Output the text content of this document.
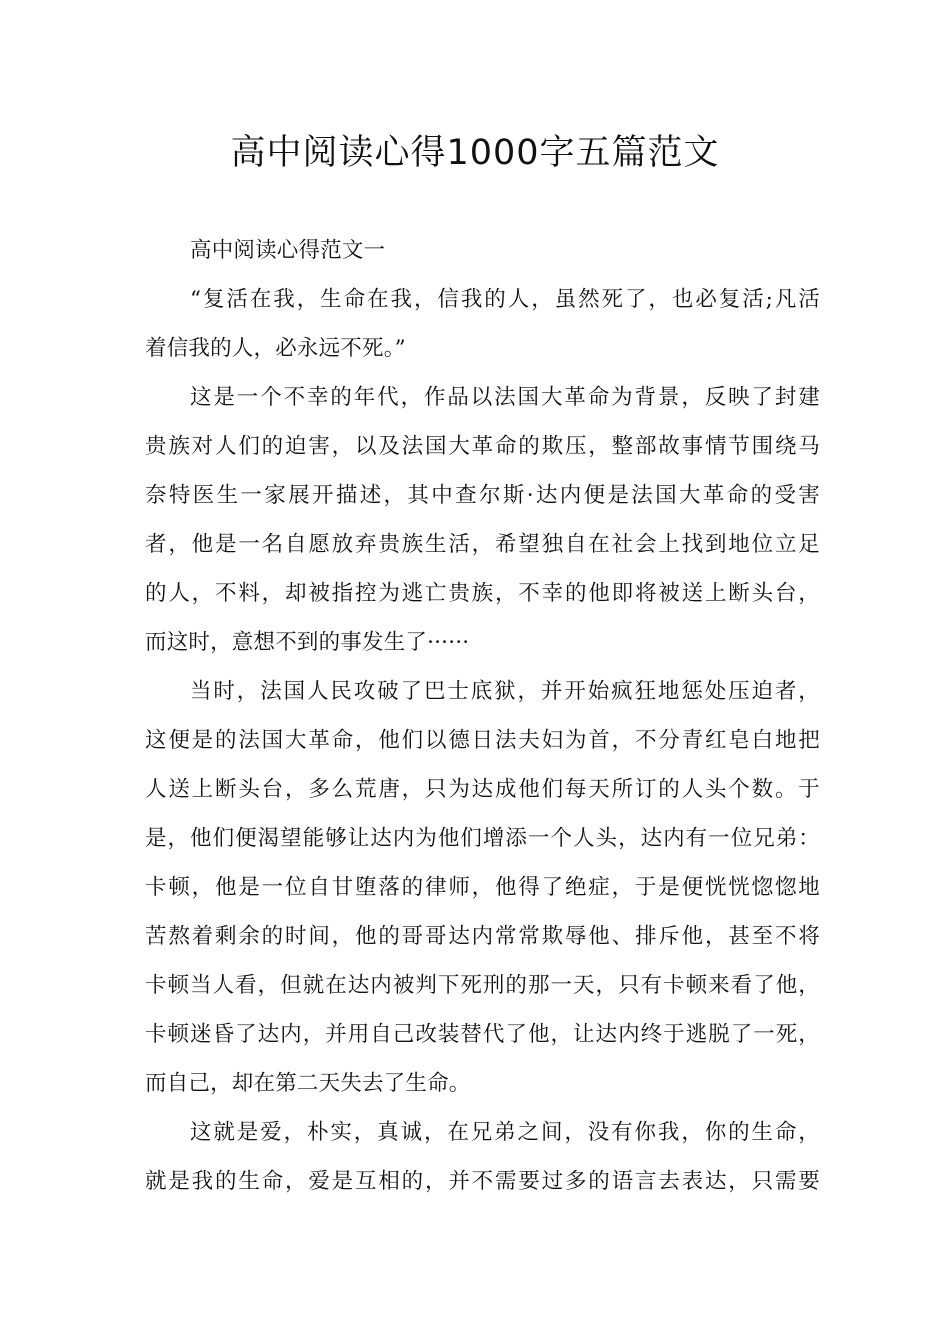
高中阅读心得1000字五篇范文
高中阅读心得范文一
“复活在我，生命在我，信我的人，虽然死了，也必复活;凡活
着信我的人，必永远不死。”
这是一个不幸的年代，作品以法国大革命为背景，反映了封建
贵族对人们的迫害，以及法国大革命的欺压，整部故事情节围绕马
奈特医生一家展开描述，其中查尔斯·达内便是法国大革命的受害
者，他是一名自愿放弃贵族生活，希望独自在社会上找到地位立足
的人，不料，却被指控为逃亡贵族，不幸的他即将被送上断头台，
而这时，意想不到的事发生了······
当时，法国人民攻破了巴士底狱，并开始疯狂地惩处压迫者，
这便是的法国大革命，他们以德日法夫妇为首，不分青红皂白地把
人送上断头台，多么荒唐，只为达成他们每天所订的人头个数。于
是，他们便渴望能够让达内为他们增添一个人头，达内有一位兄弟：
卡顿，他是一位自甘堕落的律师，他得了绝症，于是便恍恍惚惚地
苦熬着剩余的时间，他的哥哥达内常常欺辱他、排斥他，甚至不将
卡顿当人看，但就在达内被判下死刑的那一天，只有卡顿来看了他，
卡顿迷昏了达内，并用自己改装替代了他，让达内终于逃脱了一死，
而自己，却在第二天失去了生命。
这就是爱，朴实，真诚，在兄弟之间，没有你我，你的生命，
就是我的生命，爱是互相的，并不需要过多的语言去表达，只需要
